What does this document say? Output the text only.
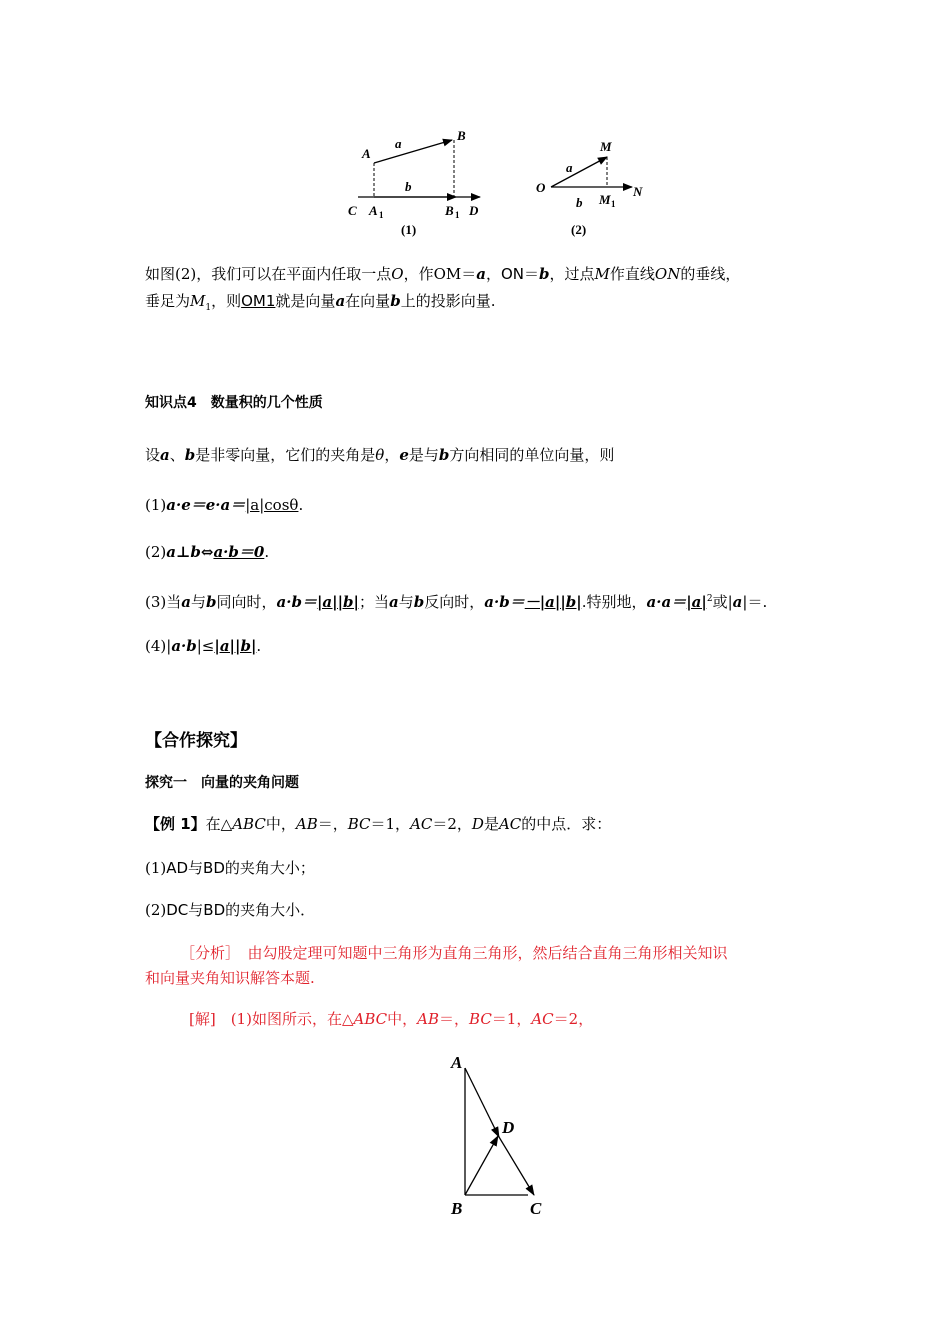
A
B
a
b
C A 1	B 1 D
(1)
O
M
a
b M 1
N
(2)
如图(2)，我们可以在平面内任取一点O，作OM＝a，ON＝b，过点M作直线ON的垂线，
垂足为$M_1$，则OM1就是向量a在向量b上的投影向量.
知识点4　数量积的几个性质
设a、b是非零向量，它们的夹角是θ，e是与b方向相同的单位向量，则
(1)a·e＝e·a＝|a|cosθ.
(2)a⊥b⇔a·b＝0.
(3)当a与b同向时，a·b＝|a||b|；当a与b反向时，a·b＝－|a||b|.特别地，$a\cdot a=|a|^2$或|a|＝.
(4)|a·b|≤|a||b|.
【合作探究】
探究一　向量的夹角问题
【例 1】在△ABC中，AB＝，BC＝1，AC＝2，D是AC的中点．求：
(1)AD与BD的夹角大小；
(2)DC与BD的夹角大小．
［分析］　由勾股定理可知题中三角形为直角三角形，然后结合直角三角形相关知识
和向量夹角知识解答本题.
[解]　(1)如图所示，在△ABC中，AB＝，BC＝1，AC＝2，
A
D
B	C
